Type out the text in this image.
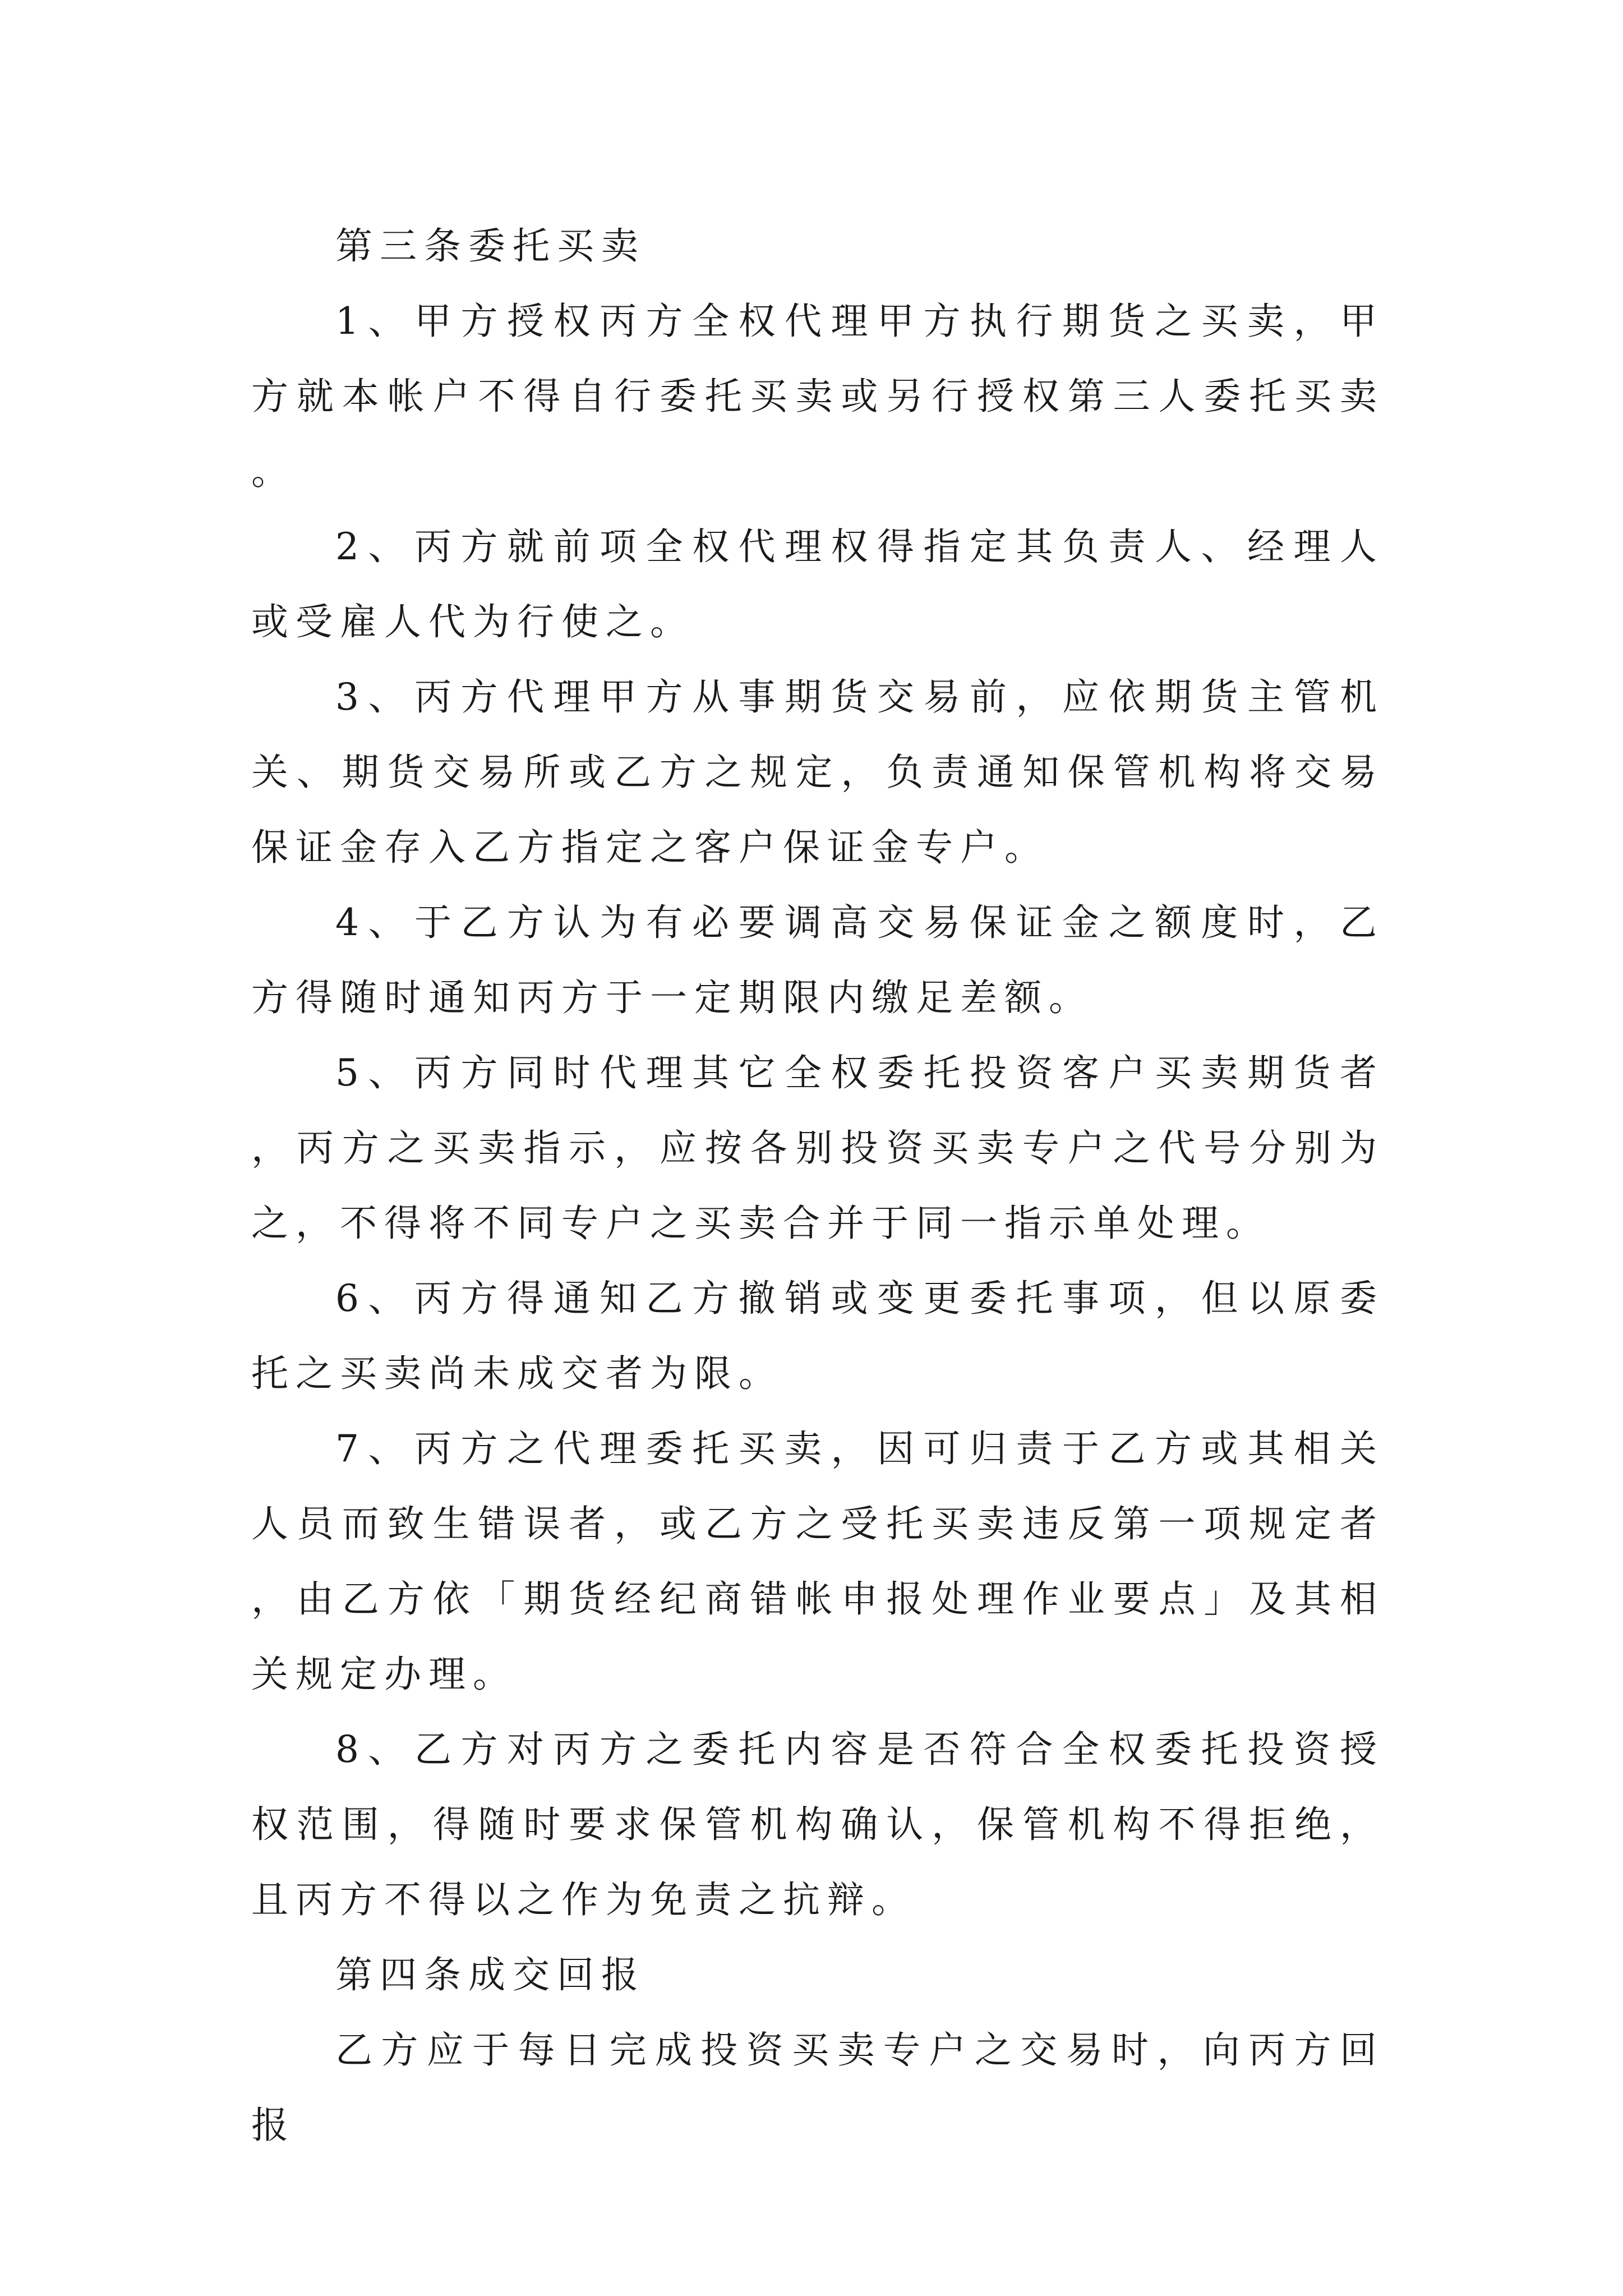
第三条委托买卖

1、甲方授权丙方全权代理甲方执行期货之买卖，甲方就本帐户不得自行委托买卖或另行授权第三人委托买卖。

2、丙方就前项全权代理权得指定其负责人、经理人或受雇人代为行使之。

3、丙方代理甲方从事期货交易前，应依期货主管机关、期货交易所或乙方之规定，负责通知保管机构将交易保证金存入乙方指定之客户保证金专户。

4、于乙方认为有必要调高交易保证金之额度时，乙方得随时通知丙方于一定期限内缴足差额。

5、丙方同时代理其它全权委托投资客户买卖期货者，丙方之买卖指示，应按各别投资买卖专户之代号分别为之，不得将不同专户之买卖合并于同一指示单处理。

6、丙方得通知乙方撤销或变更委托事项，但以原委托之买卖尚未成交者为限。

7、丙方之代理委托买卖，因可归责于乙方或其相关人员而致生错误者，或乙方之受托买卖违反第一项规定者，由乙方依「期货经纪商错帐申报处理作业要点」及其相关规定办理。

8、乙方对丙方之委托内容是否符合全权委托投资授权范围，得随时要求保管机构确认，保管机构不得拒绝，且丙方不得以之作为免责之抗辩。

第四条成交回报

乙方应于每日完成投资买卖专户之交易时，向丙方回报
